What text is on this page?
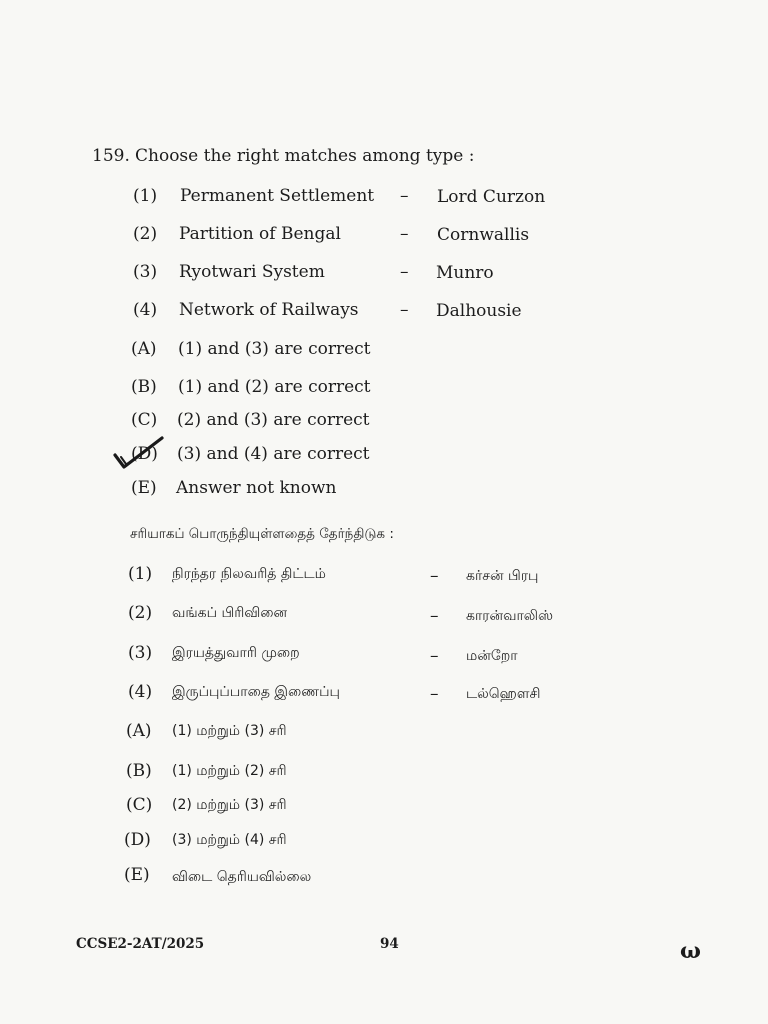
159. Choose the right matches among type :
(1) Permanent Settlement – Lord Curzon
(2) Partition of Bengal	– Cornwallis
(3) Ryotwari System	– Munro
(4) Network of Railways – Dalhousie
(A) (1) and (3) are correct
(B) (1) and (2) are correct
(C) (2) and (3) are correct
(D) (3) and (4) are correct
(E) Answer not known
சரியாகப் பொருந்தியுள்ளதைத் தேர்ந்திடுக :
(1) நிரந்தர நிலவரித் திட்டம்	– கர்சன் பிரபு
(2) வங்கப் பிரிவினை	– காரன்வாலிஸ்
(3) இரயத்துவாரி முறை	– மன்றோ
(4) இருப்புப்பாதை இணைப்பு	– டல்ஹௌசி
(A) (1) மற்றும் (3) சரி
(B) (1) மற்றும் (2) சரி
(C) (2) மற்றும் (3) சரி
(D) (3) மற்றும் (4) சரி
(E) விடை தெரியவில்லை
CCSE2-2AT/2025	94	ω
